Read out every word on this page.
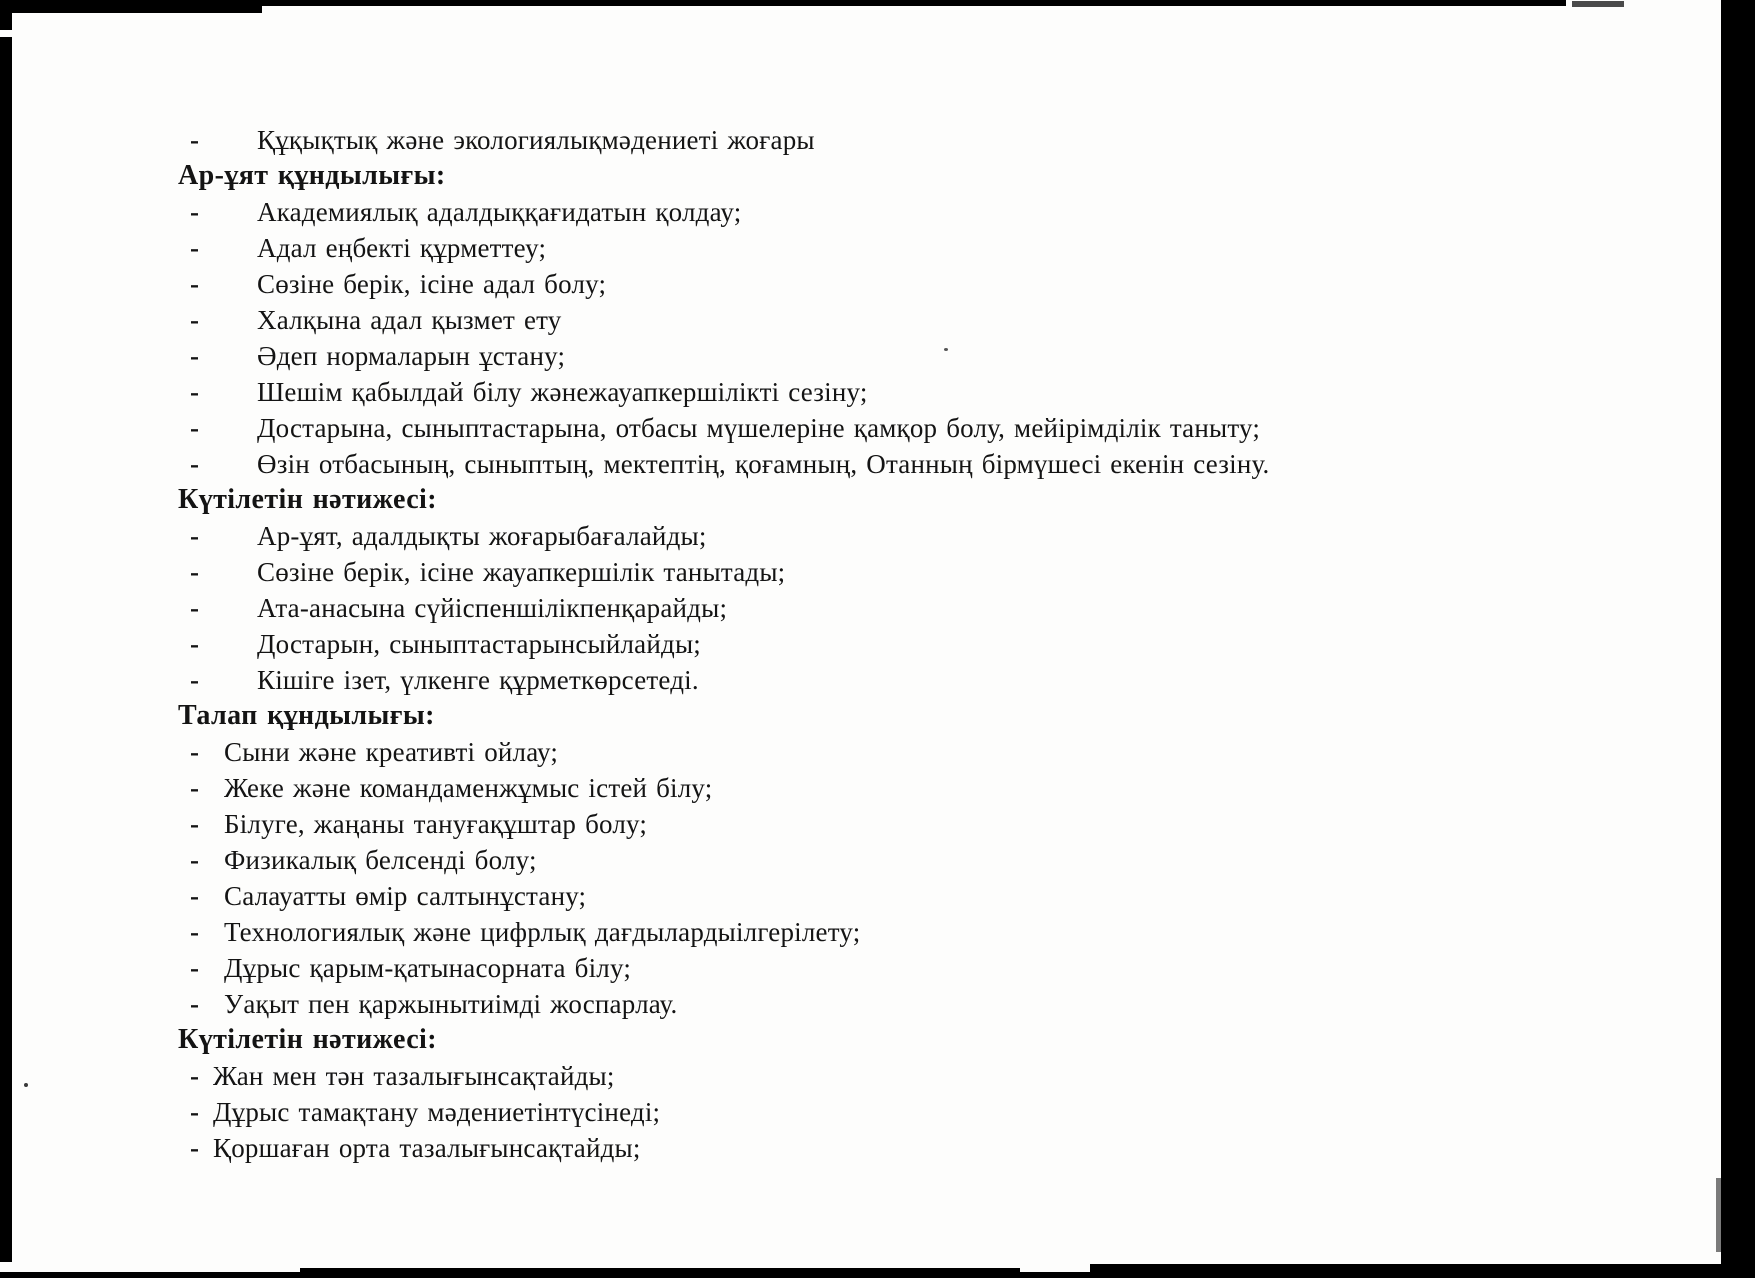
-	Құқықтық және экологиялықмәдениеті жоғары
Ар-ұят құндылығы:
-	Академиялық адалдыққағидатын қолдау;
-	Адал еңбекті құрметтеу;
-	Сөзіне берік, ісіне адал болу;
-	Халқына адал қызмет ету
-	Әдеп нормаларын ұстану;
-	Шешім қабылдай білу жәнежауапкершілікті сезіну;
-	Достарына, сыныптастарына, отбасы мүшелеріне қамқор болу, мейірімділік таныту;
-	Өзін отбасының, сыныптың, мектептің, қоғамның, Отанның бірмүшесі екенін сезіну.
Күтілетін нәтижесі:
-	Ар-ұят, адалдықты жоғарыбағалайды;
-	Сөзіне берік, ісіне жауапкершілік танытады;
-	Ата-анасына сүйіспеншілікпенқарайды;
-	Достарын, сыныптастарынсыйлайды;
-	Кішіге ізет, үлкенге құрметкөрсетеді.
Талап құндылығы:
- Сыни және креативті ойлау;
- Жеке және командаменжұмыс істей білу;
- Білуге, жаңаны тануғақұштар болу;
- Физикалық белсенді болу;
- Салауатты өмір салтынұстану;
- Технологиялық және цифрлық дағдылардыілгерілету;
- Дұрыс қарым-қатынасорната білу;
- Уақыт пен қаржынытиімді жоспарлау.
Күтілетін нәтижесі:
- Жан мен тән тазалығынсақтайды;
- Дұрыс тамақтану мәдениетінтүсінеді;
- Қоршаған орта тазалығынсақтайды;
